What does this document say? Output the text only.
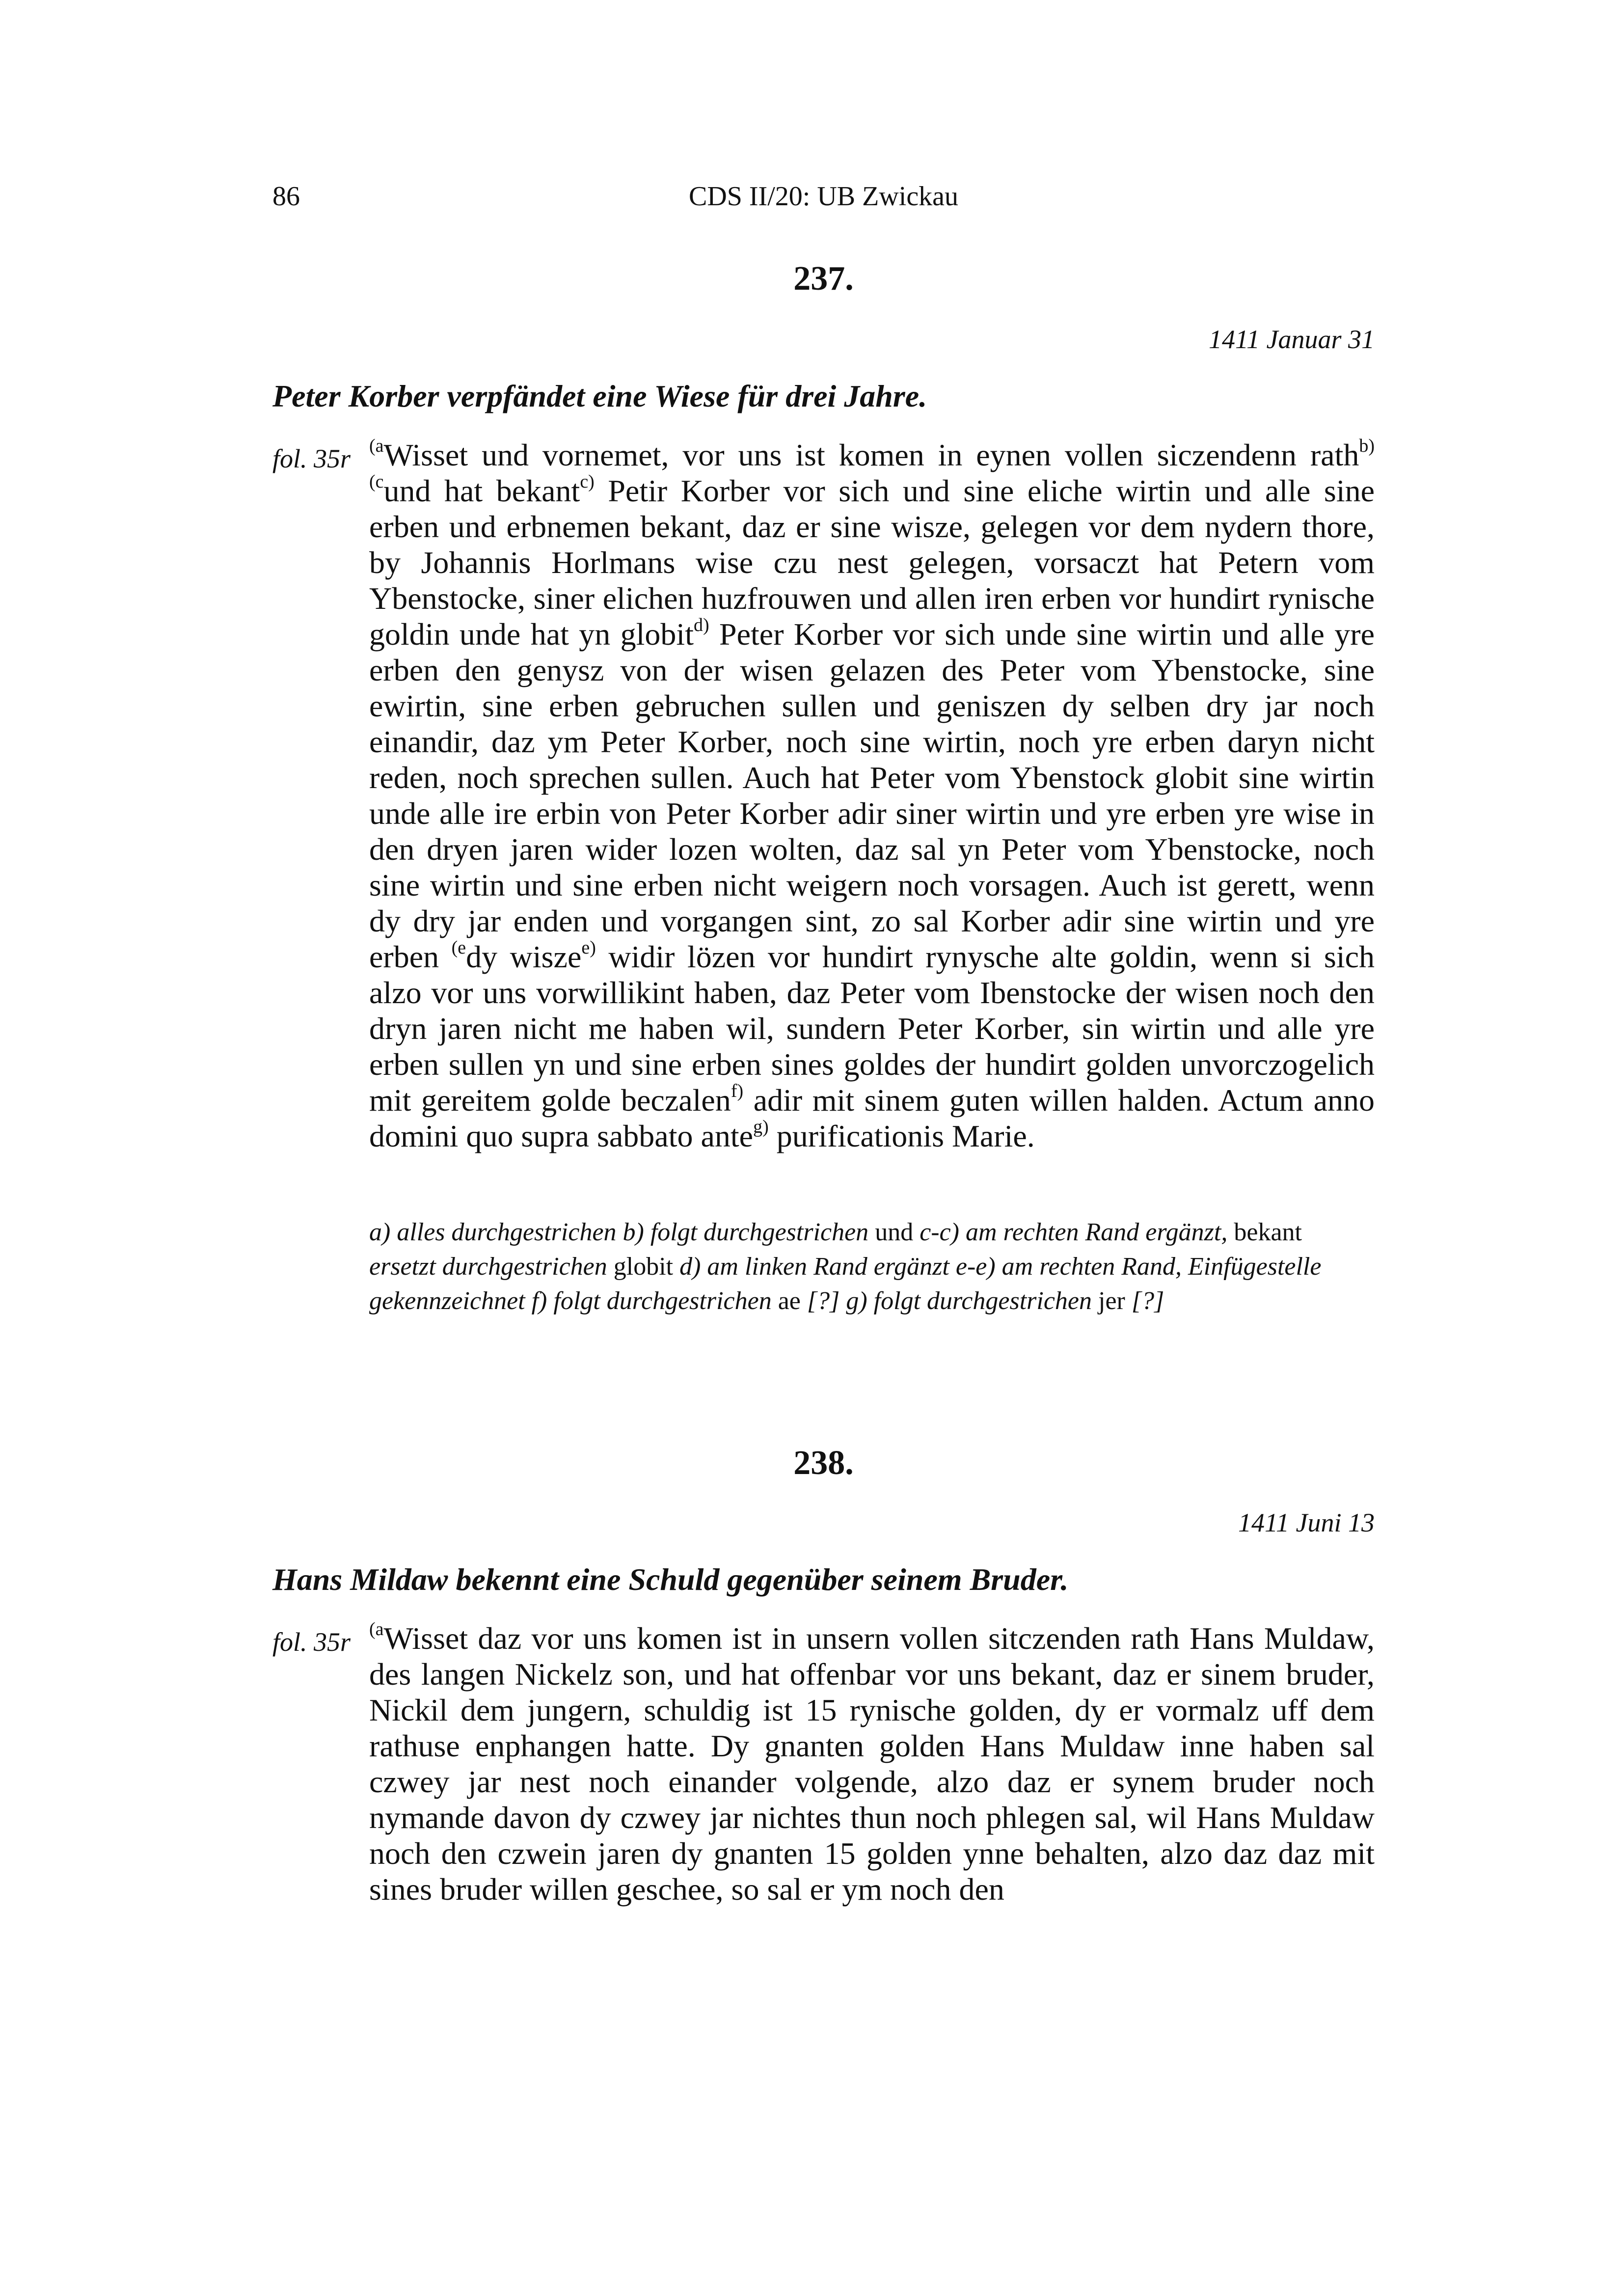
86	CDS II/20: UB Zwickau
237.
1411 Januar 31
Peter Korber verpfändet eine Wiese für drei Jahre.
fol. 35r $^{(a}$Wisset und vornemet, vor uns ist komen in eynen vollen siczendenn rath$^{b)}$ $^{(c}$und hat bekant$^{c)}$ Petir Korber vor sich und sine eliche wirtin und alle sine erben und erbnemen bekant, daz er sine wisze, gelegen vor dem nydern thore, by Johannis Horlmans wise czu nest gelegen, vorsaczt hat Petern vom Ybenstocke, siner elichen huzfrouwen und allen iren erben vor hundirt rynische goldin unde hat yn globit$^{d)}$ Peter Korber vor sich unde sine wirtin und alle yre erben den genysz von der wisen gelazen des Peter vom Ybenstocke, sine ewirtin, sine erben gebruchen sullen und geniszen dy selben dry jar noch einandir, daz ym Peter Korber, noch sine wirtin, noch yre erben daryn nicht reden, noch sprechen sullen. Auch hat Peter vom Ybenstock globit sine wirtin unde alle ire erbin von Peter Korber adir siner wirtin und yre erben yre wise in den dryen jaren wider lozen wolten, daz sal yn Peter vom Ybenstocke, noch sine wirtin und sine erben nicht weigern noch vorsagen. Auch ist gerett, wenn dy dry jar enden und vorgangen sint, zo sal Korber adir sine wirtin und yre erben $^{(e}$dy wisze$^{e)}$ widir lözen vor hundirt rynysche alte goldin, wenn si sich alzo vor uns vorwillikint haben, daz Peter vom Ibenstocke der wisen noch den dryn jaren nicht me haben wil, sundern Peter Korber, sin wirtin und alle yre erben sullen yn und sine erben sines goldes der hundirt golden unvorczogelich mit gereitem golde beczalen$^{f)}$ adir mit sinem guten willen halden. Actum anno domini quo supra sabbato ante$^{g)}$ purificationis Marie.
a) alles durchgestrichen b) folgt durchgestrichen und c-c) am rechten Rand ergänzt, bekant ersetzt durchgestrichen globit d) am linken Rand ergänzt e-e) am rechten Rand, Einfügestelle gekennzeichnet f) folgt durchgestrichen ae [?] g) folgt durchgestrichen jer [?]
238.
1411 Juni 13
Hans Mildaw bekennt eine Schuld gegenüber seinem Bruder.
fol. 35r $^{(a}$Wisset daz vor uns komen ist in unsern vollen sitczenden rath Hans Muldaw, des langen Nickelz son, und hat offenbar vor uns bekant, daz er sinem bruder, Nickil dem jungern, schuldig ist 15 rynische golden, dy er vormalz uff dem rathuse enphangen hatte. Dy gnanten golden Hans Muldaw inne haben sal czwey jar nest noch einander volgende, alzo daz er synem bruder noch nymande davon dy czwey jar nichtes thun noch phlegen sal, wil Hans Muldaw noch den czwein jaren dy gnanten 15 golden ynne behalten, alzo daz daz mit sines bruder willen geschee, so sal er ym noch den
